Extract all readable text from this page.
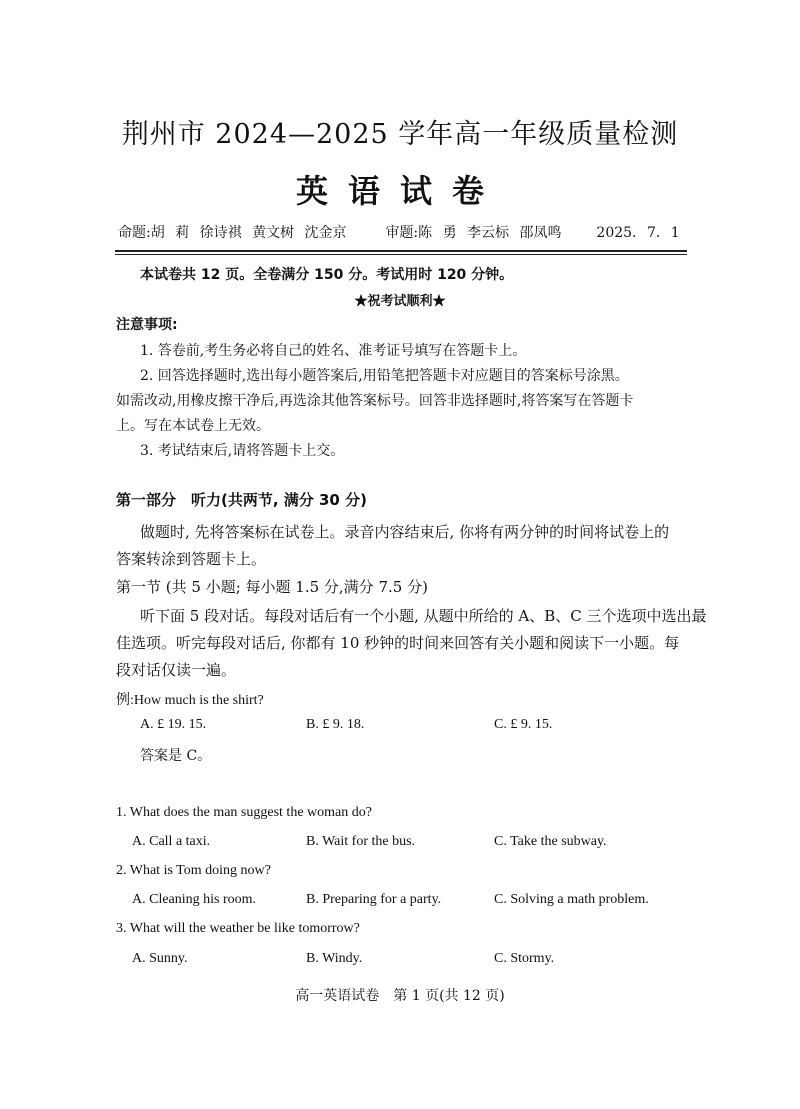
荆州市 2024—2025 学年高一年级质量检测
英语试卷
命题:胡 莉 徐诗祺 黄文树 沈金京	审题:陈 勇 李云标 邵凤鸣 2025. 7. 1
本试卷共 12 页。全卷满分 150 分。考试用时 120 分钟。
★祝考试顺利★
注意事项:
1. 答卷前,考生务必将自己的姓名、准考证号填写在答题卡上。
2. 回答选择题时,选出每小题答案后,用铅笔把答题卡对应题目的答案标号涂黑。
如需改动,用橡皮擦干净后,再选涂其他答案标号。回答非选择题时,将答案写在答题卡
上。写在本试卷上无效。
3. 考试结束后,请将答题卡上交。
第一部分　听力(共两节, 满分 30 分)
做题时, 先将答案标在试卷上。录音内容结束后, 你将有两分钟的时间将试卷上的
答案转涂到答题卡上。
第一节 (共 5 小题; 每小题 1.5 分,满分 7.5 分)
听下面 5 段对话。每段对话后有一个小题, 从题中所给的 A、B、C 三个选项中选出最
佳选项。听完每段对话后, 你都有 10 秒钟的时间来回答有关小题和阅读下一小题。每
段对话仅读一遍。
例:How much is the shirt?
A. £ 19. 15.	B. £ 9. 18.	C. £ 9. 15.
答案是 C。
1. What does the man suggest the woman do?
A. Call a taxi.	B. Wait for the bus.	C. Take the subway.
2. What is Tom doing now?
A. Cleaning his room.	B. Preparing for a party.	C. Solving a math problem.
3. What will the weather be like tomorrow?
A. Sunny.	B. Windy.	C. Stormy.
高一英语试卷　第 1 页(共 12 页)
